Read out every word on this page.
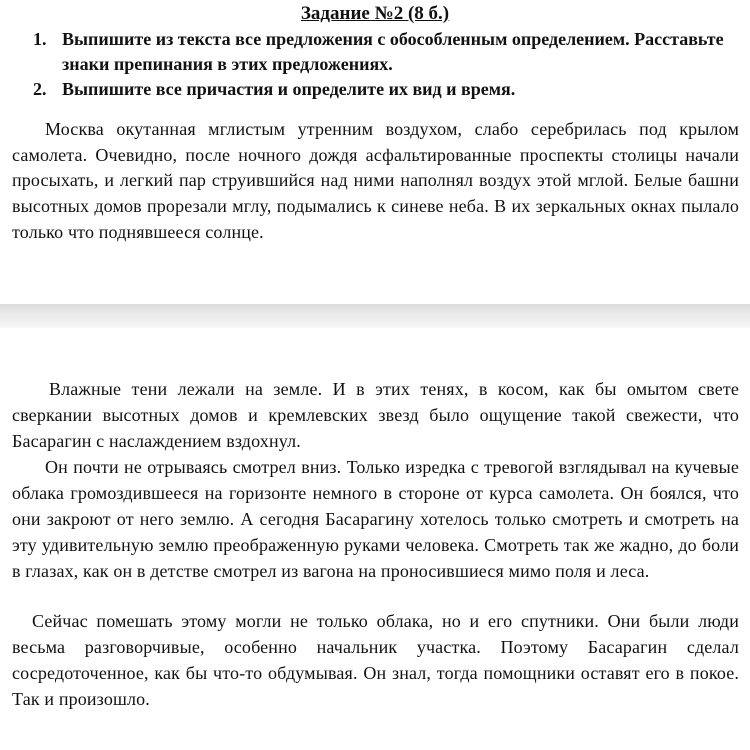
Задание №2 (8 б.)
1. Выпишите из текста все предложения с обособленным определением. Расставьте знаки препинания в этих предложениях.
2. Выпишите все причастия и определите их вид и время.

Москва окутанная мглистым утренним воздухом, слабо серебрилась под крылом самолета. Очевидно, после ночного дождя асфальтированные проспекты столицы начали просыхать, и легкий пар струившийся над ними наполнял воздух этой мглой. Белые башни высотных домов прорезали мглу, подымались к синеве неба. В их зеркальных окнах пылало только что поднявшееся солнце.

Влажные тени лежали на земле. И в этих тенях, в косом, как бы омытом свете сверкании высотных домов и кремлевских звезд было ощущение такой свежести, что Басарагин с наслаждением вздохнул.

Он почти не отрываясь смотрел вниз. Только изредка с тревогой взглядывал на кучевые облака громоздившееся на горизонте немного в стороне от курса самолета. Он боялся, что они закроют от него землю. А сегодня Басарагину хотелось только смотреть и смотреть на эту удивительную землю преображенную руками человека. Смотреть так же жадно, до боли в глазах, как он в детстве смотрел из вагона на проносившиеся мимо поля и леса.

Сейчас помешать этому могли не только облака, но и его спутники. Они были люди весьма разговорчивые, особенно начальник участка. Поэтому Басарагин сделал сосредоточенное, как бы что-то обдумывая. Он знал, тогда помощники оставят его в покое. Так и произошло.
